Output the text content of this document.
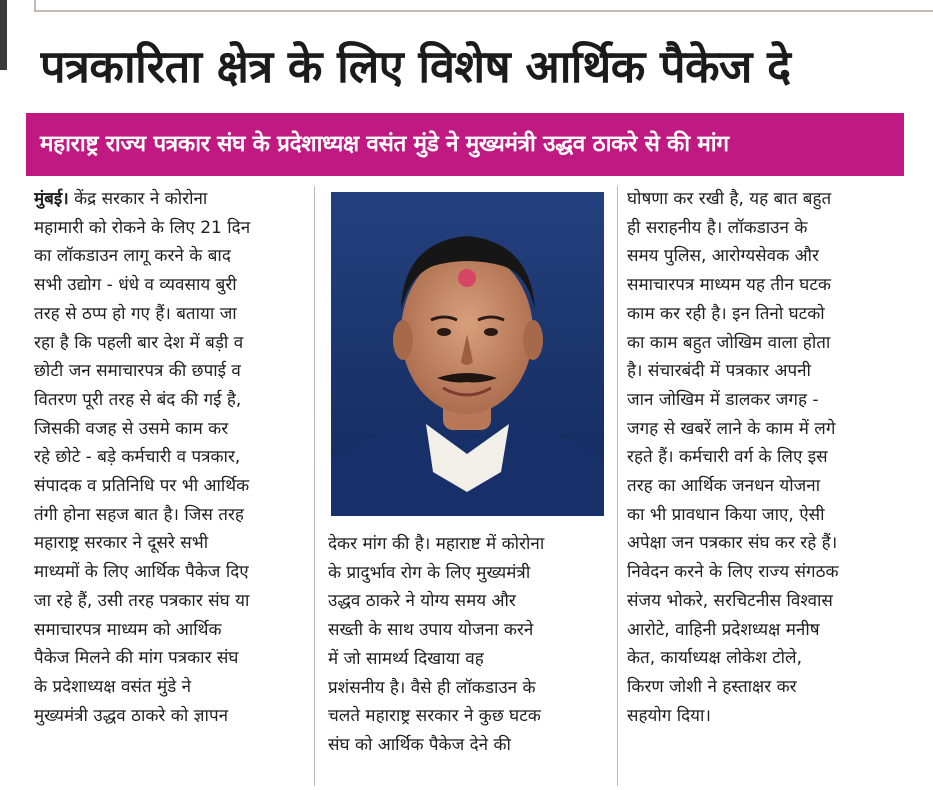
पत्रकारिता क्षेत्र के लिए विशेष आर्थिक पैकेज दे
महाराष्ट्र राज्य पत्रकार संघ के प्रदेशाध्यक्ष वसंत मुंडे ने मुख्यमंत्री उद्धव ठाकरे से की मांग

मुंबई। केंद्र सरकार ने कोरोना

महामारी को रोकने के लिए 21 दिन

का लॉकडाउन लागू करने के बाद

सभी उद्योग - धंधे व व्यवसाय बुरी

तरह से ठप्प हो गए हैं। बताया जा

रहा है कि पहली बार देश में बड़ी व

छोटी जन समाचारपत्र की छपाई व

वितरण पूरी तरह से बंद की गई है,

जिसकी वजह से उसमे काम कर

रहे छोटे - बड़े कर्मचारी व पत्रकार,

संपादक व प्रतिनिधि पर भी आर्थिक

तंगी होना सहज बात है। जिस तरह

महाराष्ट्र सरकार ने दूसरे सभी

माध्यमों के लिए आर्थिक पैकेज दिए

जा रहे हैं, उसी तरह पत्रकार संघ या

समाचारपत्र माध्यम को आर्थिक

पैकेज मिलने की मांग पत्रकार संघ

के प्रदेशाध्यक्ष वसंत मुंडे ने

मुख्यमंत्री उद्धव ठाकरे को ज्ञापन

देकर मांग की है। महाराष्ट में कोरोना

के प्रादुर्भाव रोग के लिए मुख्यमंत्री

उद्धव ठाकरे ने योग्य समय और

सख्ती के साथ उपाय योजना करने

में जो सामर्थ्य दिखाया वह

प्रशंसनीय है। वैसे ही लॉकडाउन के

चलते महाराष्ट्र सरकार ने कुछ घटक

संघ को आर्थिक पैकेज देने की

घोषणा कर रखी है, यह बात बहुत

ही सराहनीय है। लॉकडाउन के

समय पुलिस, आरोग्यसेवक और

समाचारपत्र माध्यम यह तीन घटक

काम कर रही है। इन तिनो घटको

का काम बहुत जोखिम वाला होता

है। संचारबंदी में पत्रकार अपनी

जान जोखिम में डालकर जगह -

जगह से खबरें लाने के काम में लगे

रहते हैं। कर्मचारी वर्ग के लिए इस

तरह का आर्थिक जनधन योजना

का भी प्रावधान किया जाए, ऐसी

अपेक्षा जन पत्रकार संघ कर रहे हैं।

निवेदन करने के लिए राज्य संगठक

संजय भोकरे, सरचिटनीस विश्वास

आरोटे, वाहिनी प्रदेशध्यक्ष मनीष

केत, कार्याध्यक्ष लोकेश टोले,

किरण जोशी ने हस्ताक्षर कर

सहयोग दिया।
